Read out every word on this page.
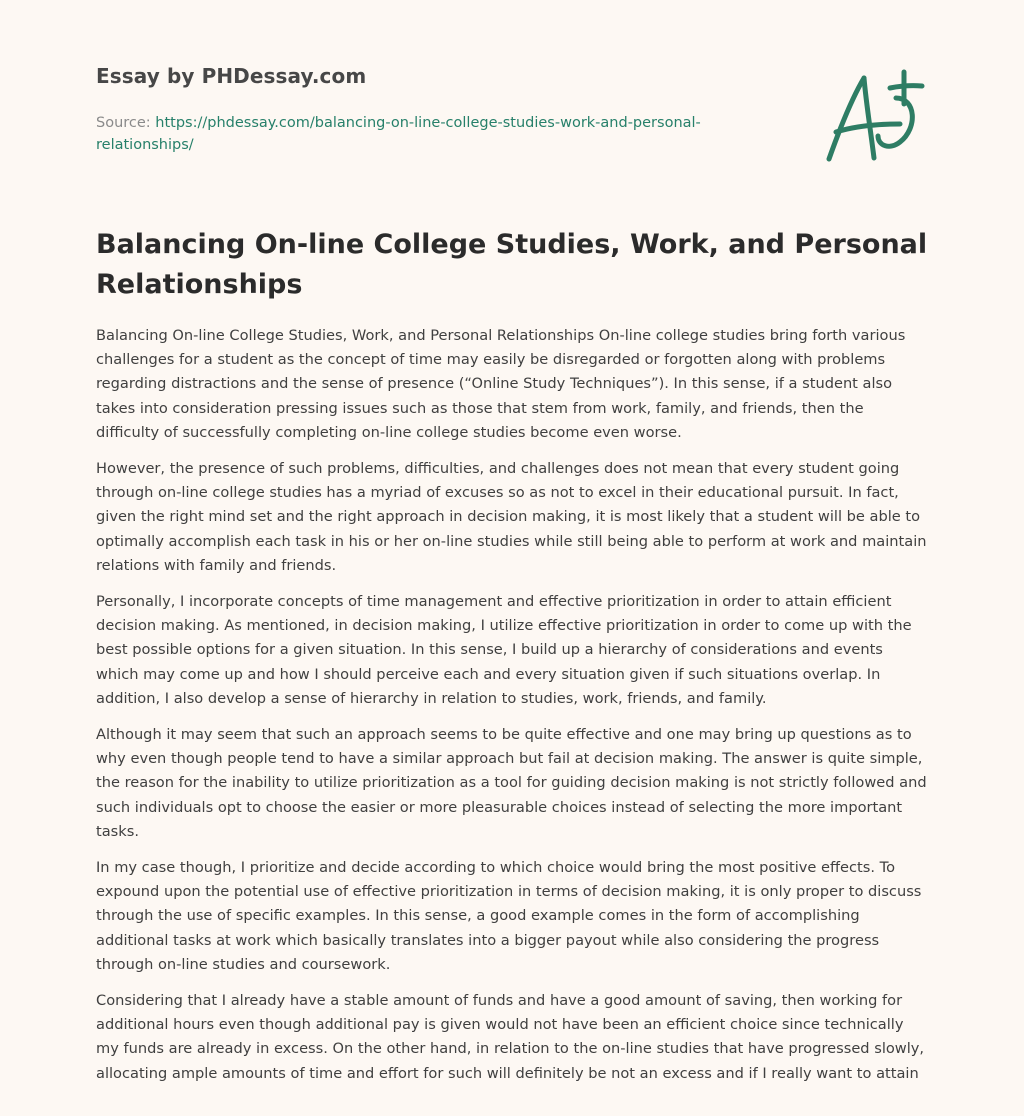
Essay by PHDessay.com
Source: https://phdessay.com/balancing-on-line-college-studies-work-and-personal-relationships/
Balancing On-line College Studies, Work, and Personal Relationships

Balancing On-line College Studies, Work, and Personal Relationships On-line college studies bring forth various challenges for a student as the concept of time may easily be disregarded or forgotten along with problems regarding distractions and the sense of presence (“Online Study Techniques”). In this sense, if a student also takes into consideration pressing issues such as those that stem from work, family, and friends, then the difficulty of successfully completing on-line college studies become even worse.

However, the presence of such problems, difficulties, and challenges does not mean that every student going through on-line college studies has a myriad of excuses so as not to excel in their educational pursuit. In fact, given the right mind set and the right approach in decision making, it is most likely that a student will be able to optimally accomplish each task in his or her on-line studies while still being able to perform at work and maintain relations with family and friends.

Personally, I incorporate concepts of time management and effective prioritization in order to attain efficient decision making. As mentioned, in decision making, I utilize effective prioritization in order to come up with the best possible options for a given situation. In this sense, I build up a hierarchy of considerations and events which may come up and how I should perceive each and every situation given if such situations overlap. In addition, I also develop a sense of hierarchy in relation to studies, work, friends, and family.

Although it may seem that such an approach seems to be quite effective and one may bring up questions as to why even though people tend to have a similar approach but fail at decision making. The answer is quite simple, the reason for the inability to utilize prioritization as a tool for guiding decision making is not strictly followed and such individuals opt to choose the easier or more pleasurable choices instead of selecting the more important tasks.

In my case though, I prioritize and decide according to which choice would bring the most positive effects. To expound upon the potential use of effective prioritization in terms of decision making, it is only proper to discuss through the use of specific examples. In this sense, a good example comes in the form of accomplishing additional tasks at work which basically translates into a bigger payout while also considering the progress through on-line studies and coursework.

Considering that I already have a stable amount of funds and have a good amount of saving, then working for additional hours even though additional pay is given would not have been an efficient choice since technically my funds are already in excess. On the other hand, in relation to the on-line studies that have progressed slowly, allocating ample amounts of time and effort for such will definitely be not an excess and if I really want to attain
